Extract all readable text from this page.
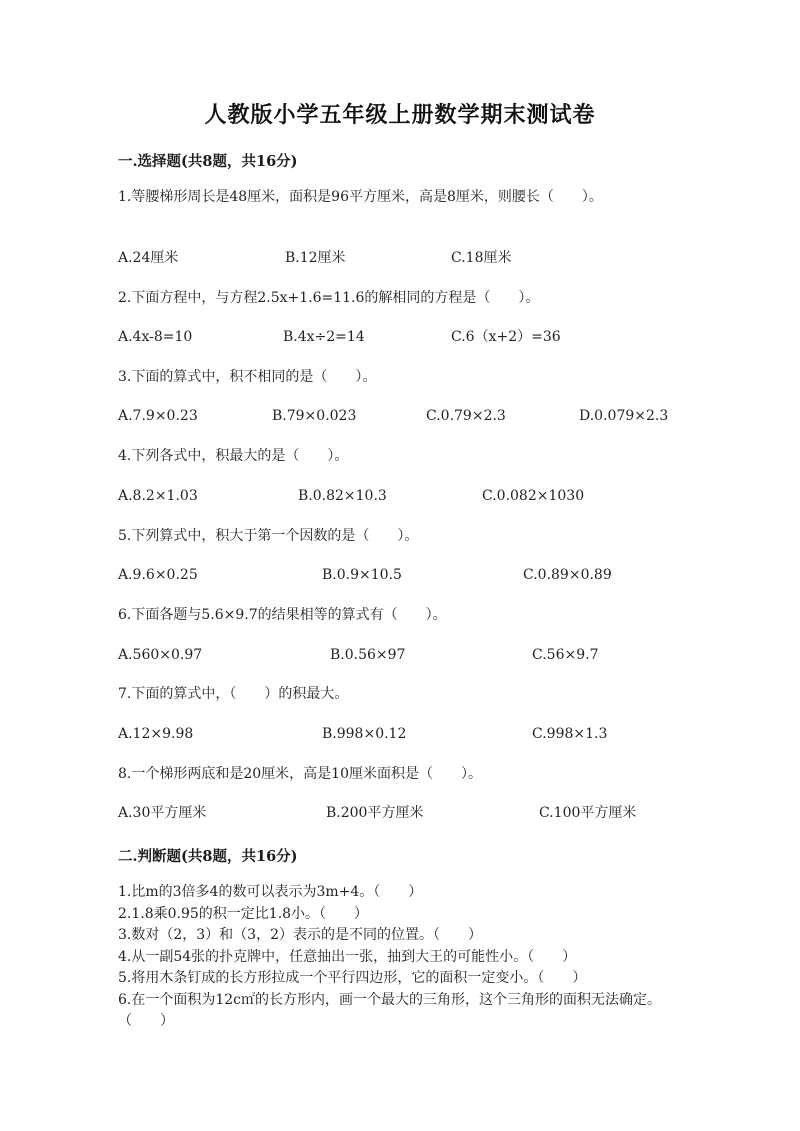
人教版小学五年级上册数学期末测试卷
一.选择题(共8题，共16分)
1.等腰梯形周长是48厘米，面积是96平方厘米，高是8厘米，则腰长（　　）。
A.24厘米	B.12厘米	C.18厘米
2.下面方程中，与方程2.5x+1.6=11.6的解相同的方程是（　　）。
A.4x-8=10	B.4x÷2=14	C.6（x+2）=36
3.下面的算式中，积不相同的是（　　）。
A.7.9×0.23	B.79×0.023	C.0.79×2.3	D.0.079×2.3
4.下列各式中，积最大的是（　　）。
A.8.2×1.03	B.0.82×10.3	C.0.082×1030
5.下列算式中，积大于第一个因数的是（　　）。
A.9.6×0.25	B.0.9×10.5	C.0.89×0.89
6.下面各题与5.6×9.7的结果相等的算式有（　　）。
A.560×0.97	B.0.56×97	C.56×9.7
7.下面的算式中，（　　）的积最大。
A.12×9.98	B.998×0.12	C.998×1.3
8.一个梯形两底和是20厘米，高是10厘米面积是（　　）。
A.30平方厘米	B.200平方厘米	C.100平方厘米
二.判断题(共8题，共16分)
1.比m的3倍多4的数可以表示为3m+4。（　　）
2.1.8乘0.95的积一定比1.8小。（　　）
3.数对（2，3）和（3，2）表示的是不同的位置。（　　）
4.从一副54张的扑克牌中，任意抽出一张，抽到大王的可能性小。（　　）
5.将用木条钉成的长方形拉成一个平行四边形，它的面积一定变小。（　　）
6.在一个面积为12c㎡的长方形内，画一个最大的三角形，这个三角形的面积无法确定。（　　）
